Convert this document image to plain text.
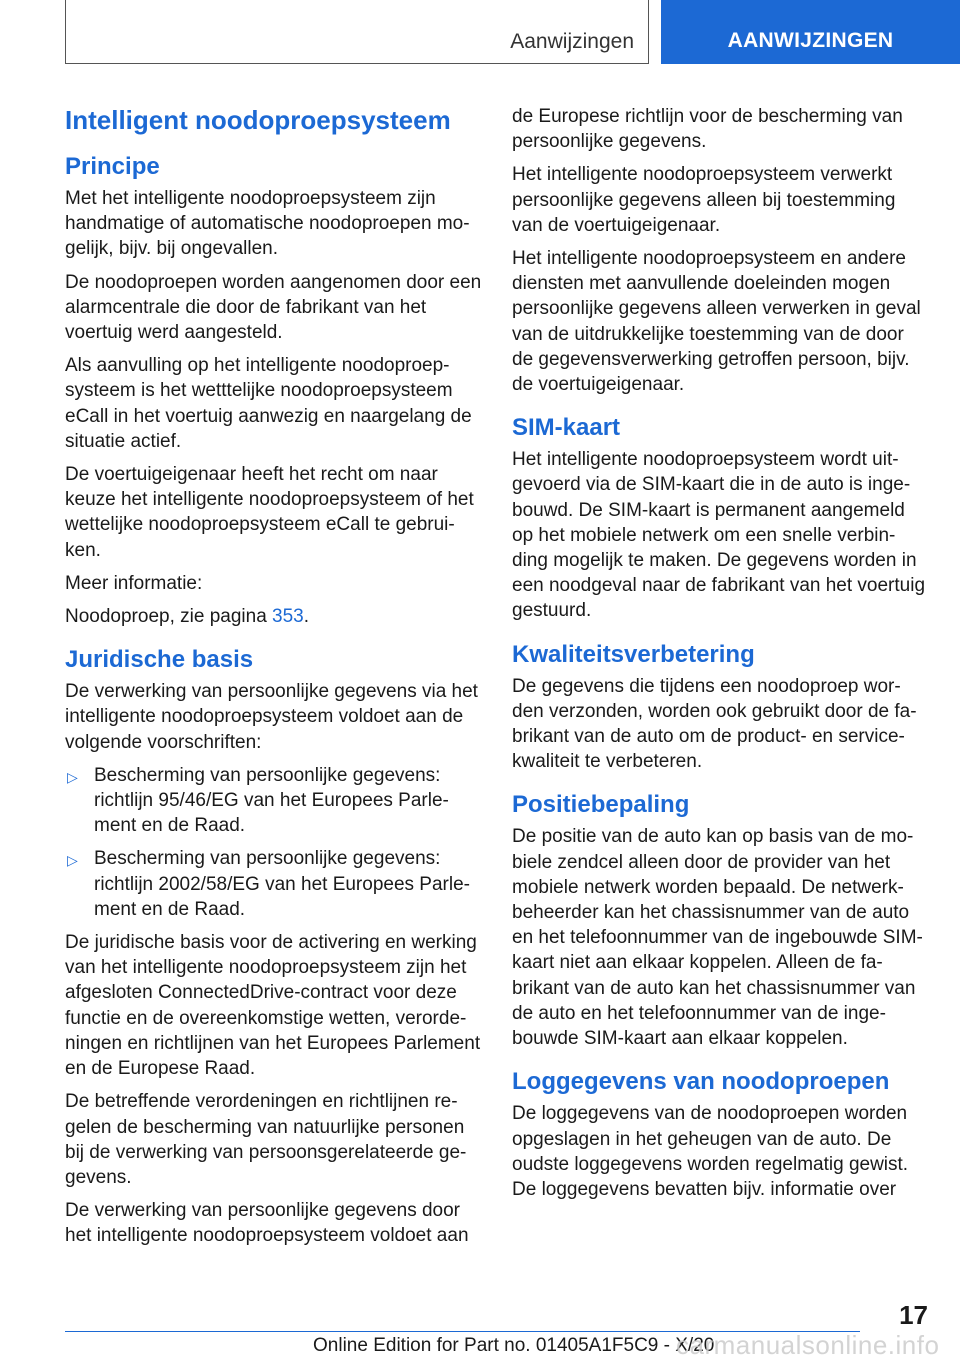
Aanwijzingen	AANWIJZINGEN
Intelligent noodoproepsysteem
Principe

Met het intelligente noodoproepsysteem zijn handmatige of automatische noodoproepen mo-gelijk, bijv. bij ongevallen.

De noodoproepen worden aangenomen door een alarmcentrale die door de fabrikant van het voertuig werd aangesteld.

Als aanvulling op het intelligente noodoproep-systeem is het wetttelijke noodoproepsysteem eCall in het voertuig aanwezig en naargelang de situatie actief.

De voertuigeigenaar heeft het recht om naar keuze het intelligente noodoproepsysteem of het wettelijke noodoproepsysteem eCall te gebrui-ken.

Meer informatie:

Noodoproep, zie pagina 353.

Juridische basis

De verwerking van persoonlijke gegevens via het intelligente noodoproepsysteem voldoet aan de volgende voorschriften:

▷ Bescherming van persoonlijke gegevens: richtlijn 95/46/EG van het Europees Parle-ment en de Raad.
▷ Bescherming van persoonlijke gegevens: richtlijn 2002/58/EG van het Europees Parle-ment en de Raad.

De juridische basis voor de activering en werking van het intelligente noodoproepsysteem zijn het afgesloten ConnectedDrive-contract voor deze functie en de overeenkomstige wetten, verorde-ningen en richtlijnen van het Europees Parlement en de Europese Raad.

De betreffende verordeningen en richtlijnen re-gelen de bescherming van natuurlijke personen bij de verwerking van persoonsgerelateerde ge-gevens.

De verwerking van persoonlijke gegevens door het intelligente noodoproepsysteem voldoet aan

de Europese richtlijn voor de bescherming van persoonlijke gegevens.

Het intelligente noodoproepsysteem verwerkt persoonlijke gegevens alleen bij toestemming van de voertuigeigenaar.

Het intelligente noodoproepsysteem en andere diensten met aanvullende doeleinden mogen persoonlijke gegevens alleen verwerken in geval van de uitdrukkelijke toestemming van de door de gegevensverwerking getroffen persoon, bijv. de voertuigeigenaar.

SIM-kaart

Het intelligente noodoproepsysteem wordt uit-gevoerd via de SIM-kaart die in de auto is inge-bouwd. De SIM-kaart is permanent aangemeld op het mobiele netwerk om een snelle verbin-ding mogelijk te maken. De gegevens worden in een noodgeval naar de fabrikant van het voertuig gestuurd.

Kwaliteitsverbetering

De gegevens die tijdens een noodoproep wor-den verzonden, worden ook gebruikt door de fa-brikant van de auto om de product- en service-kwaliteit te verbeteren.

Positiebepaling

De positie van de auto kan op basis van de mo-biele zendcel alleen door de provider van het mobiele netwerk worden bepaald. De netwerk-beheerder kan het chassisnummer van de auto en het telefoonnummer van de ingebouwde SIM-kaart niet aan elkaar koppelen. Alleen de fa-brikant van de auto kan het chassisnummer van de auto en het telefoonnummer van de inge-bouwde SIM-kaart aan elkaar koppelen.

Loggegevens van noodoproepen

De loggegevens van de noodoproepen worden opgeslagen in het geheugen van de auto. De oudste loggegevens worden regelmatig gewist. De loggegevens bevatten bijv. informatie over

17
Online Edition for Part no. 01405A1F5C9 - X/20
carmanualsonline.info
